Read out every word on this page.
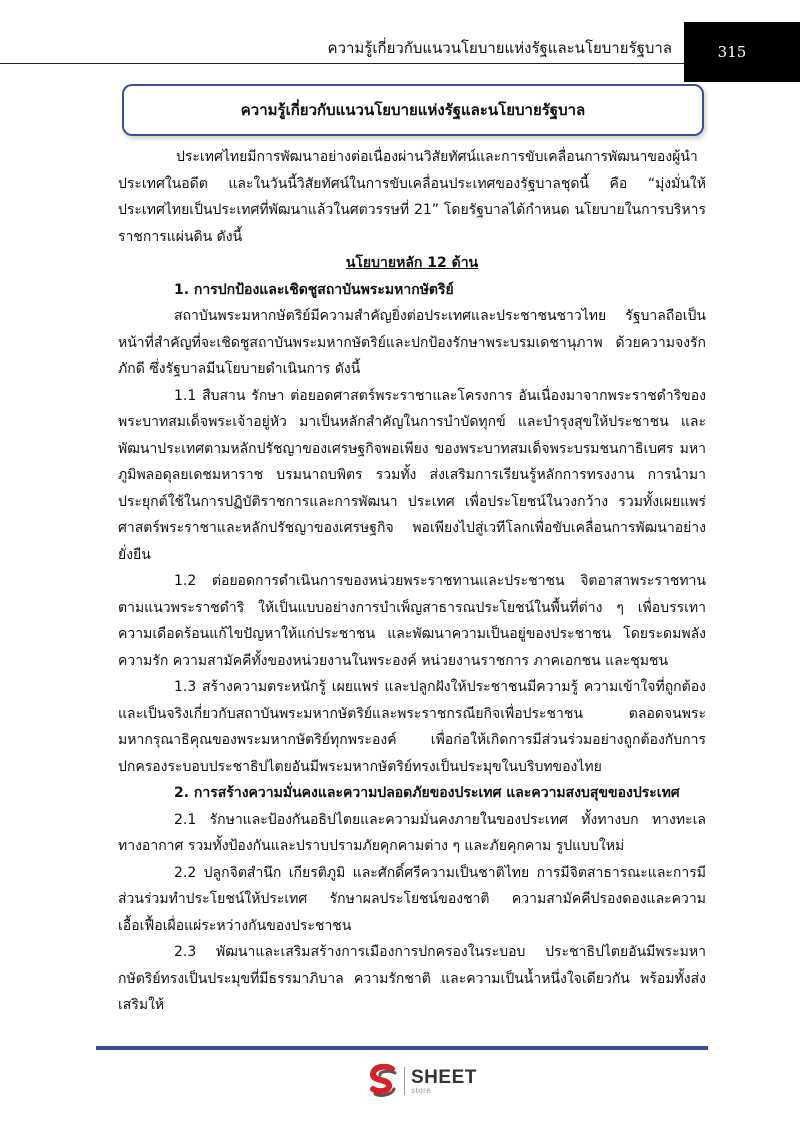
ความรู้เกี่ยวกับแนวนโยบายแห่งรัฐและนโยบายรัฐบาล	315
ความรู้เกี่ยวกับแนวนโยบายแห่งรัฐและนโยบายรัฐบาล

ประเทศไทยมีการพัฒนาอย่างต่อเนื่องผ่านวิสัยทัศน์และการขับเคลื่อนการพัฒนาของผู้นำประเทศในอดีต และในวันนี้วิสัยทัศน์ในการขับเคลื่อนประเทศของรัฐบาลชุดนี้ คือ “มุ่งมั่นให้ประเทศไทยเป็นประเทศที่พัฒนาแล้วในศตวรรษที่ 21” โดยรัฐบาลได้กำหนด นโยบายในการบริหารราชการแผ่นดิน ดังนี้

นโยบายหลัก 12 ด้าน

1. การปกป้องและเชิดชูสถาบันพระมหากษัตริย์

สถาบันพระมหากษัตริย์มีความสำคัญยิ่งต่อประเทศและประชาชนชาวไทย รัฐบาลถือเป็นหน้าที่สำคัญที่จะเชิดชูสถาบันพระมหากษัตริย์และปกป้องรักษาพระบรมเดชานุภาพ ด้วยความจงรักภักดี ซึ่งรัฐบาลมีนโยบายดำเนินการ ดังนี้

1.1 สืบสาน รักษา ต่อยอดศาสตร์พระราชาและโครงการ อันเนื่องมาจากพระราชดำริของพระบาทสมเด็จพระเจ้าอยู่หัว มาเป็นหลักสำคัญในการบำบัดทุกข์ และบำรุงสุขให้ประชาชน และพัฒนาประเทศตามหลักปรัชญาของเศรษฐกิจพอเพียง ของพระบาทสมเด็จพระบรมชนกาธิเบศร มหาภูมิพลอดุลยเดชมหาราช บรมนาถบพิตร รวมทั้ง ส่งเสริมการเรียนรู้หลักการทรงงาน การนำมาประยุกต์ใช้ในการปฏิบัติราชการและการพัฒนา ประเทศ เพื่อประโยชน์ในวงกว้าง รวมทั้งเผยแพร่ศาสตร์พระราชาและหลักปรัชญาของเศรษฐกิจ พอเพียงไปสู่เวทีโลกเพื่อขับเคลื่อนการพัฒนาอย่างยั่งยืน

1.2 ต่อยอดการดำเนินการของหน่วยพระราชทานและประชาชน จิตอาสาพระราชทานตามแนวพระราชดำริ ให้เป็นแบบอย่างการบำเพ็ญสาธารณประโยชน์ในพื้นที่ต่าง ๆ เพื่อบรรเทาความเดือดร้อนแก้ไขปัญหาให้แก่ประชาชน และพัฒนาความเป็นอยู่ของประชาชน โดยระดมพลังความรัก ความสามัคคีทั้งของหน่วยงานในพระองค์ หน่วยงานราชการ ภาคเอกชน และชุมชน

1.3 สร้างความตระหนักรู้ เผยแพร่ และปลูกฝังให้ประชาชนมีความรู้ ความเข้าใจที่ถูกต้องและเป็นจริงเกี่ยวกับสถาบันพระมหากษัตริย์และพระราชกรณียกิจเพื่อประชาชน ตลอดจนพระมหากรุณาธิคุณของพระมหากษัตริย์ทุกพระองค์ เพื่อก่อให้เกิดการมีส่วนร่วมอย่างถูกต้องกับการปกครองระบอบประชาธิปไตยอันมีพระมหากษัตริย์ทรงเป็นประมุขในบริบทของไทย

2. การสร้างความมั่นคงและความปลอดภัยของประเทศ และความสงบสุขของประเทศ

2.1 รักษาและป้องกันอธิปไตยและความมั่นคงภายในของประเทศ ทั้งทางบก ทางทะเล ทางอากาศ รวมทั้งป้องกันและปราบปรามภัยคุกคามต่าง ๆ และภัยคุกคาม รูปแบบใหม่

2.2 ปลูกจิตสำนึก เกียรติภูมิ และศักดิ์ศรีความเป็นชาติไทย การมีจิตสาธารณะและการมีส่วนร่วมทำประโยชน์ให้ประเทศ รักษาผลประโยชน์ของชาติ ความสามัคคีปรองดองและความเอื้อเฟื้อเผื่อแผ่ระหว่างกันของประชาชน

2.3 พัฒนาและเสริมสร้างการเมืองการปกครองในระบอบ ประชาธิปไตยอันมีพระมหากษัตริย์ทรงเป็นประมุขที่มีธรรมาภิบาล ความรักชาติ และความเป็นน้ำหนึ่งใจเดียวกัน พร้อมทั้งส่งเสริมให้

SHEET
store
